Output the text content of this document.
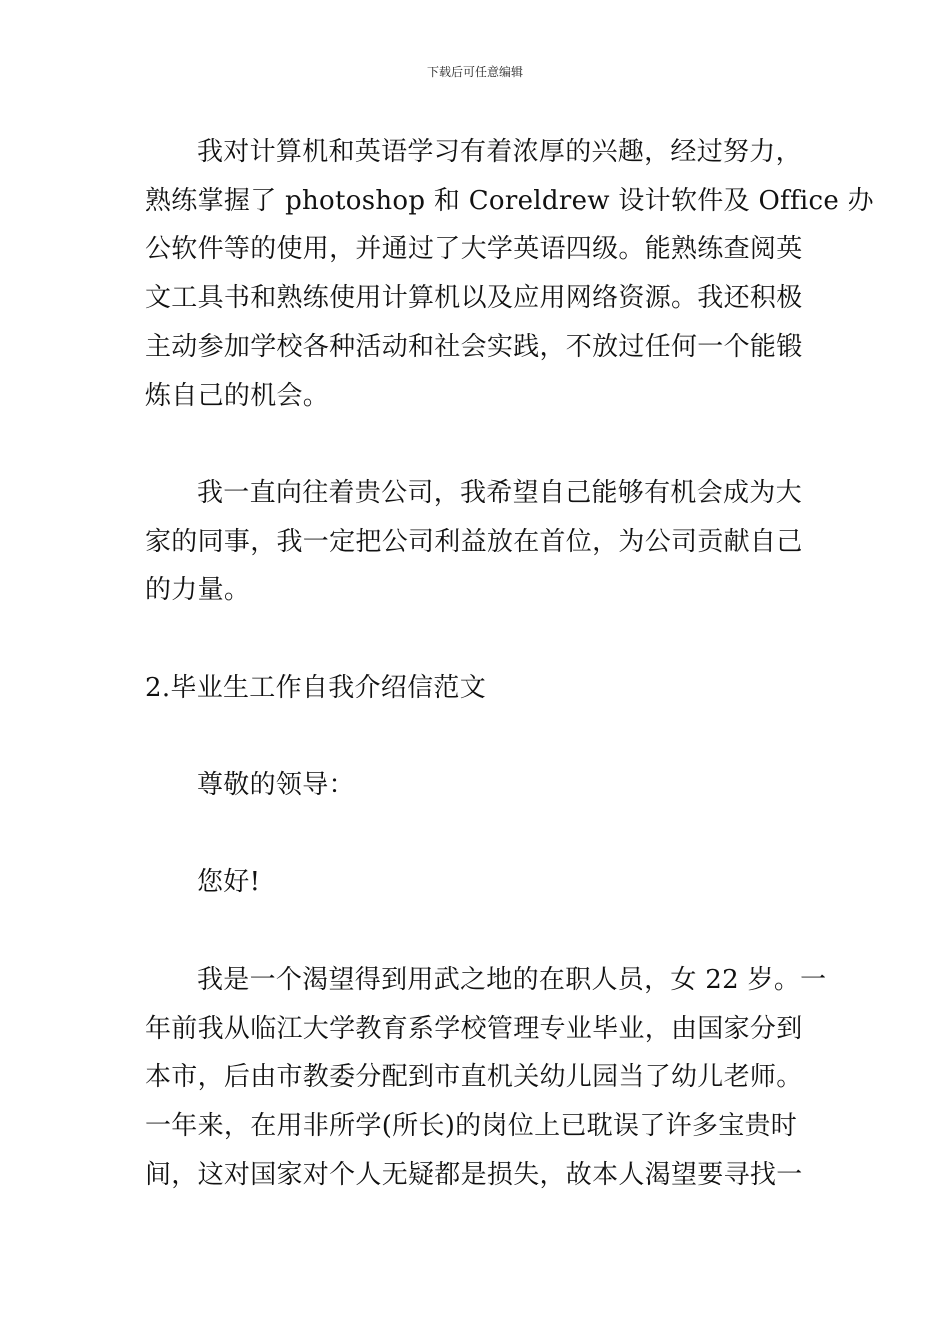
下载后可任意编辑
我对计算机和英语学习有着浓厚的兴趣，经过努力，
熟练掌握了 photoshop 和 Coreldrew 设计软件及 Office 办
公软件等的使用，并通过了大学英语四级。能熟练查阅英
文工具书和熟练使用计算机以及应用网络资源。我还积极
主动参加学校各种活动和社会实践，不放过任何一个能锻
炼自己的机会。
我一直向往着贵公司，我希望自己能够有机会成为大
家的同事，我一定把公司利益放在首位，为公司贡献自己
的力量。
2.毕业生工作自我介绍信范文
尊敬的领导：
您好!
我是一个渴望得到用武之地的在职人员，女 22 岁。一
年前我从临江大学教育系学校管理专业毕业，由国家分到
本市，后由市教委分配到市直机关幼儿园当了幼儿老师。
一年来，在用非所学(所长)的岗位上已耽误了许多宝贵时
间，这对国家对个人无疑都是损失，故本人渴望要寻找一
